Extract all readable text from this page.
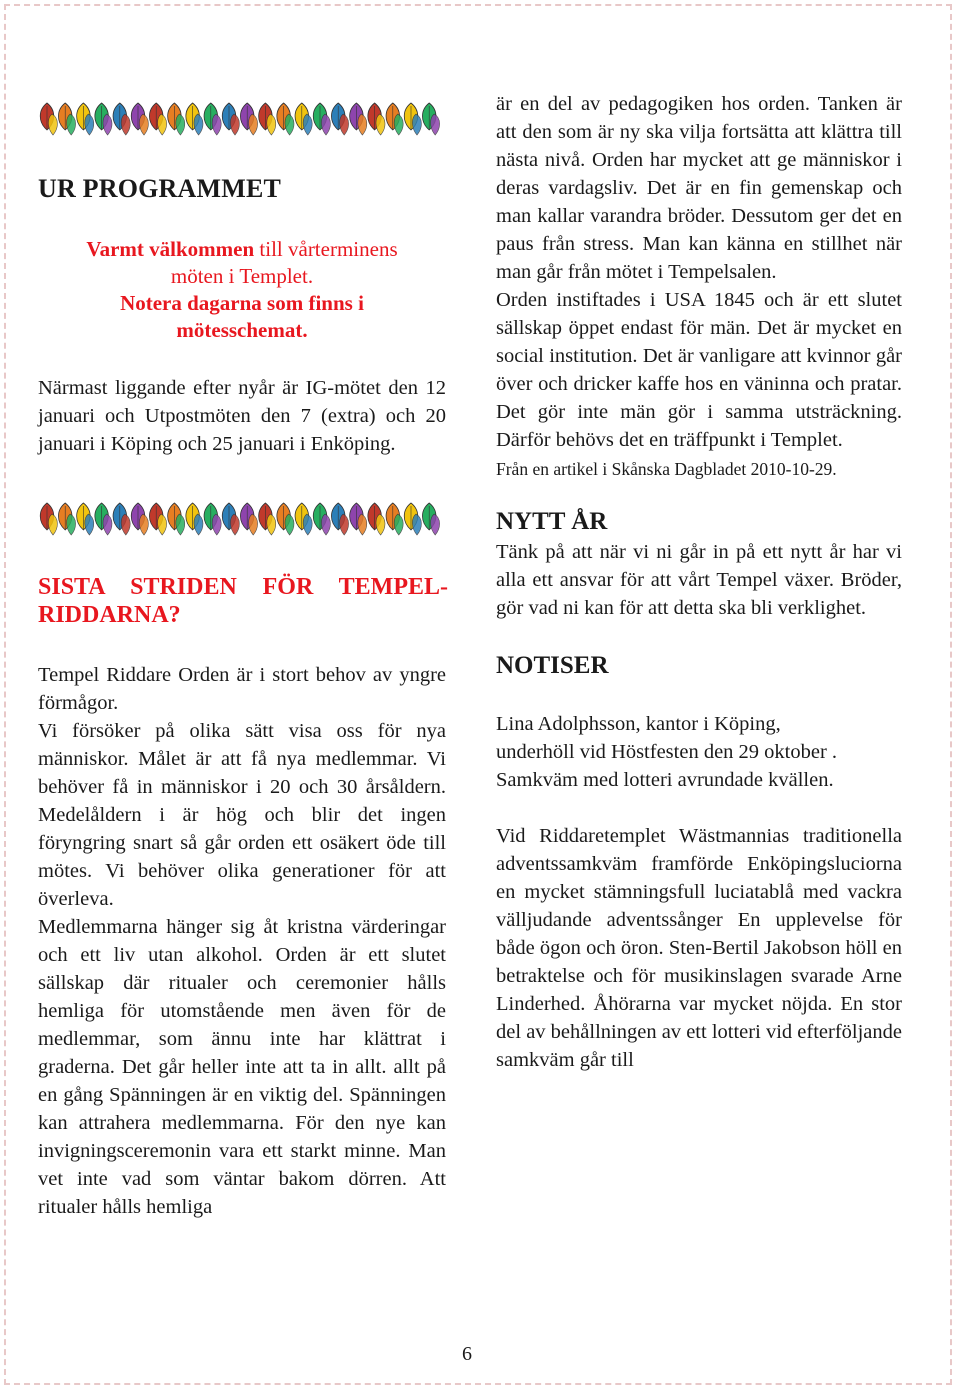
UR PROGRAMMET
Varmt välkommen till vårterminens
möten i Templet.
Notera dagarna som finns i
mötesschemat.

Närmast liggande efter nyår är IG-mötet den 12 januari och Utpostmöten den 7 (extra) och 20 januari i Köping och 25 januari i Enköping.

SISTA STRIDEN FÖR TEMPEL-RIDDARNA?

Tempel Riddare Orden är i stort behov av yngre förmågor.

Vi försöker på olika sätt visa oss för nya människor. Målet är att få nya medlemmar. Vi behöver få in människor i 20 och 30 årsåldern. Medelåldern i är hög och blir det ingen föryngring snart så går orden ett osäkert öde till mötes. Vi behöver olika generationer för att överleva.

Medlemmarna hänger sig åt kristna värderingar och ett liv utan alkohol. Orden är ett slutet sällskap där ritualer och ceremonier hålls hemliga för utomstående men även för de medlemmar, som ännu inte har klättrat i graderna. Det går heller inte att ta in allt. allt på en gång Spänningen är en viktig del. Spänningen kan attrahera medlemmarna. För den nye kan invigningsceremonin vara ett starkt minne. Man vet inte vad som väntar bakom dörren. Att ritualer hålls hemliga

är en del av pedagogiken hos orden. Tanken är att den som är ny ska vilja fortsätta att klättra till nästa nivå. Orden har mycket att ge människor i deras vardagsliv. Det är en fin gemenskap och man kallar varandra bröder. Dessutom ger det en paus från stress. Man kan känna en stillhet när man går från mötet i Tempelsalen.

Orden instiftades i USA 1845 och är ett slutet sällskap öppet endast för män. Det är mycket en social institution. Det är vanligare att kvinnor går över och dricker kaffe hos en väninna och pratar. Det gör inte män gör i samma utsträckning. Därför behövs det en träffpunkt i Templet.

Från en artikel i Skånska Dagbladet 2010-10-29.

NYTT ÅR

Tänk på att när vi ni går in på ett nytt år har vi alla ett ansvar för att vårt Tempel växer. Bröder, gör vad ni kan för att detta ska bli verklighet.

NOTISER
Lina Adolphsson, kantor i Köping,
underhöll vid Höstfesten den 29 oktober .
Samkväm med lotteri avrundade kvällen.

Vid Riddaretemplet Wästmannias traditionella adventssamkväm framförde Enköpingsluciorna en mycket stämningsfull luciatablå med vackra välljudande adventssånger En upplevelse för både ögon och öron. Sten-Bertil Jakobson höll en betraktelse och för musikinslagen svarade Arne Linderhed. Åhörarna var mycket nöjda. En stor del av behållningen av ett lotteri vid efterföljande samkväm går till

6
